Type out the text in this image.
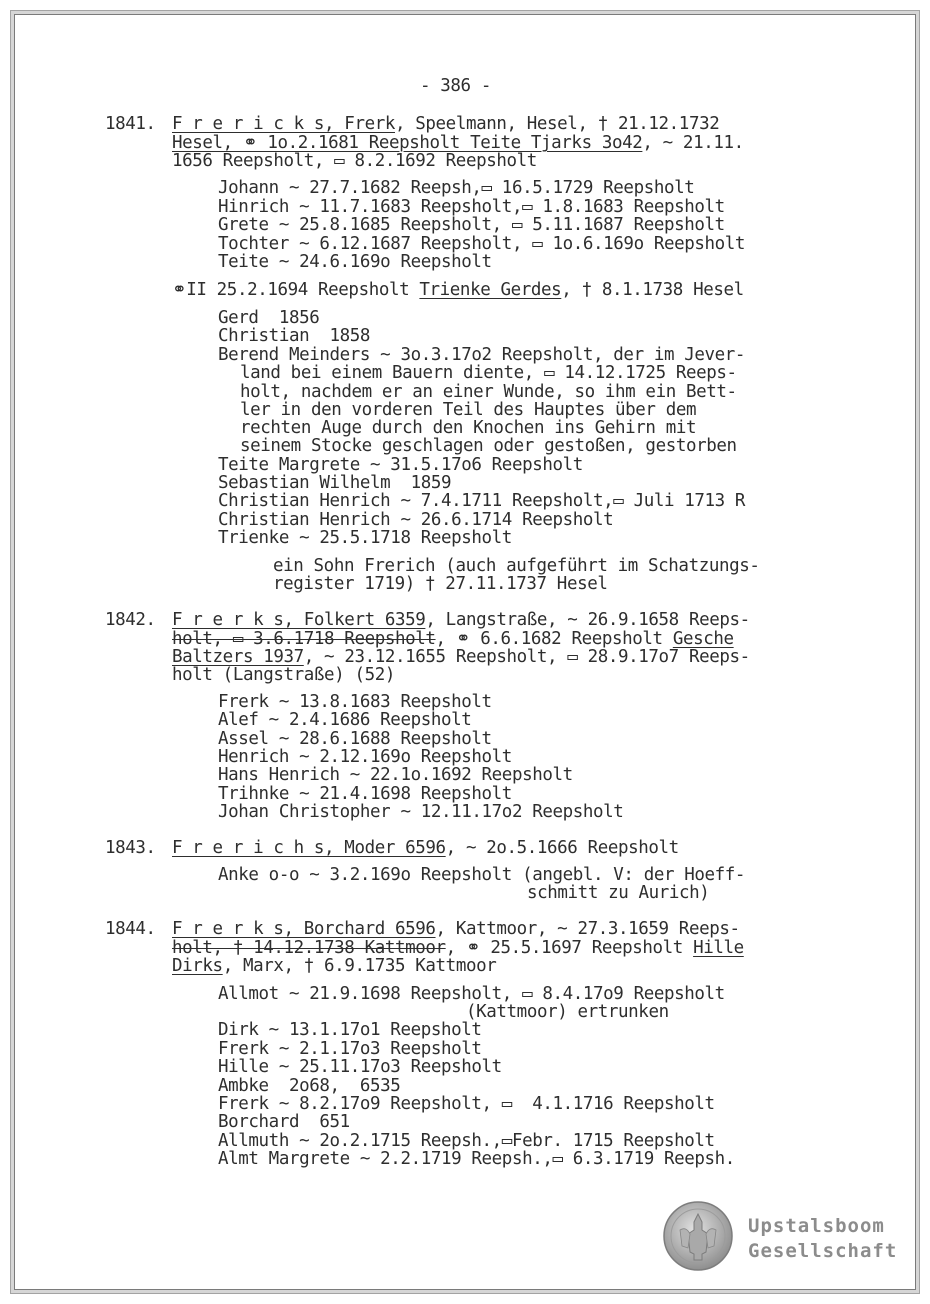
- 386 -
1841. F r e r i c k s, Frerk, Speelmann, Hesel, † 21.12.1732
Hesel, ⚭ 1o.2.1681 Reepsholt Teite Tjarks 3o42, ~ 21.11.
1656 Reepsholt, ▭ 8.2.1692 Reepsholt
Johann ~ 27.7.1682 Reepsh,▭ 16.5.1729 Reepsholt
Hinrich ~ 11.7.1683 Reepsholt,▭ 1.8.1683 Reepsholt
Grete ~ 25.8.1685 Reepsholt, ▭ 5.11.1687 Reepsholt
Tochter ~ 6.12.1687 Reepsholt, ▭ 1o.6.169o Reepsholt
Teite ~ 24.6.169o Reepsholt
⚭II 25.2.1694 Reepsholt Trienke Gerdes, † 8.1.1738 Hesel
Gerd  1856
Christian  1858
Berend Meinders ~ 3o.3.17o2 Reepsholt, der im Jever-
land bei einem Bauern diente, ▭ 14.12.1725 Reeps-
holt, nachdem er an einer Wunde, so ihm ein Bett-
ler in den vorderen Teil des Hauptes über dem
rechten Auge durch den Knochen ins Gehirn mit
seinem Stocke geschlagen oder gestoßen, gestorben
Teite Margrete ~ 31.5.17o6 Reepsholt
Sebastian Wilhelm  1859
Christian Henrich ~ 7.4.1711 Reepsholt,▭ Juli 1713 R
Christian Henrich ~ 26.6.1714 Reepsholt
Trienke ~ 25.5.1718 Reepsholt
ein Sohn Frerich (auch aufgeführt im Schatzungs-
register 1719) † 27.11.1737 Hesel
1842. F r e r k s, Folkert 6359, Langstraße, ~ 26.9.1658 Reeps-
holt, ▭ 3.6.1718 Reepsholt, ⚭ 6.6.1682 Reepsholt Gesche
Baltzers 1937, ~ 23.12.1655 Reepsholt, ▭ 28.9.17o7 Reeps-
holt (Langstraße) (52)
Frerk ~ 13.8.1683 Reepsholt
Alef ~ 2.4.1686 Reepsholt
Assel ~ 28.6.1688 Reepsholt
Henrich ~ 2.12.169o Reepsholt
Hans Henrich ~ 22.1o.1692 Reepsholt
Trihnke ~ 21.4.1698 Reepsholt
Johan Christopher ~ 12.11.17o2 Reepsholt
1843. F r e r i c h s, Moder 6596, ~ 2o.5.1666 Reepsholt
Anke o-o ~ 3.2.169o Reepsholt (angebl. V: der Hoeff-
schmitt zu Aurich)
1844. F r e r k s, Borchard 6596, Kattmoor, ~ 27.3.1659 Reeps-
holt, † 14.12.1738 Kattmoor, ⚭ 25.5.1697 Reepsholt Hille
Dirks, Marx, † 6.9.1735 Kattmoor
Allmot ~ 21.9.1698 Reepsholt, ▭ 8.4.17o9 Reepsholt
(Kattmoor) ertrunken
Dirk ~ 13.1.17o1 Reepsholt
Frerk ~ 2.1.17o3 Reepsholt
Hille ~ 25.11.17o3 Reepsholt
Ambke  2o68,  6535
Frerk ~ 8.2.17o9 Reepsholt, ▭  4.1.1716 Reepsholt
Borchard  651
Allmuth ~ 2o.2.1715 Reepsh.,▭Febr. 1715 Reepsholt
Almt Margrete ~ 2.2.1719 Reepsh.,▭ 6.3.1719 Reepsh.
Upstalsboom
Gesellschaft
